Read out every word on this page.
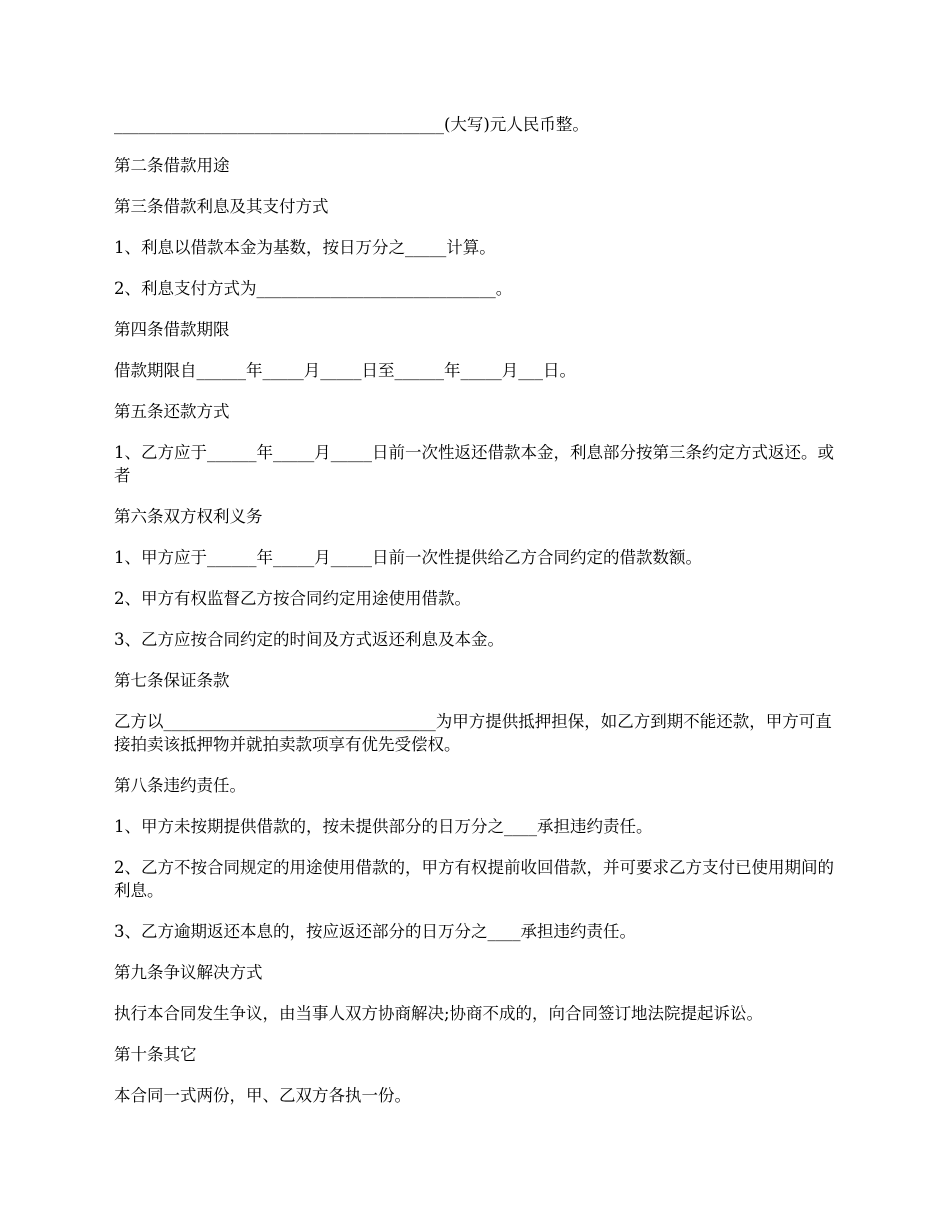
________________________________________(大写)元人民币整。

第二条借款用途

第三条借款利息及其支付方式

1、利息以借款本金为基数，按日万分之_____计算。

2、利息支付方式为_____________________________。

第四条借款期限

借款期限自______年_____月_____日至______年_____月___日。

第五条还款方式

1、乙方应于______年_____月_____日前一次性返还借款本金，利息部分按第三条约定方式返还。或者

第六条双方权利义务

1、甲方应于______年_____月_____日前一次性提供给乙方合同约定的借款数额。

2、甲方有权监督乙方按合同约定用途使用借款。

3、乙方应按合同约定的时间及方式返还利息及本金。

第七条保证条款

乙方以_________________________________为甲方提供抵押担保，如乙方到期不能还款，甲方可直接拍卖该抵押物并就拍卖款项享有优先受偿权。

第八条违约责任。

1、甲方未按期提供借款的，按未提供部分的日万分之____承担违约责任。

2、乙方不按合同规定的用途使用借款的，甲方有权提前收回借款，并可要求乙方支付已使用期间的利息。

3、乙方逾期返还本息的，按应返还部分的日万分之____承担违约责任。

第九条争议解决方式

执行本合同发生争议，由当事人双方协商解决;协商不成的，向合同签订地法院提起诉讼。

第十条其它

本合同一式两份，甲、乙双方各执一份。
